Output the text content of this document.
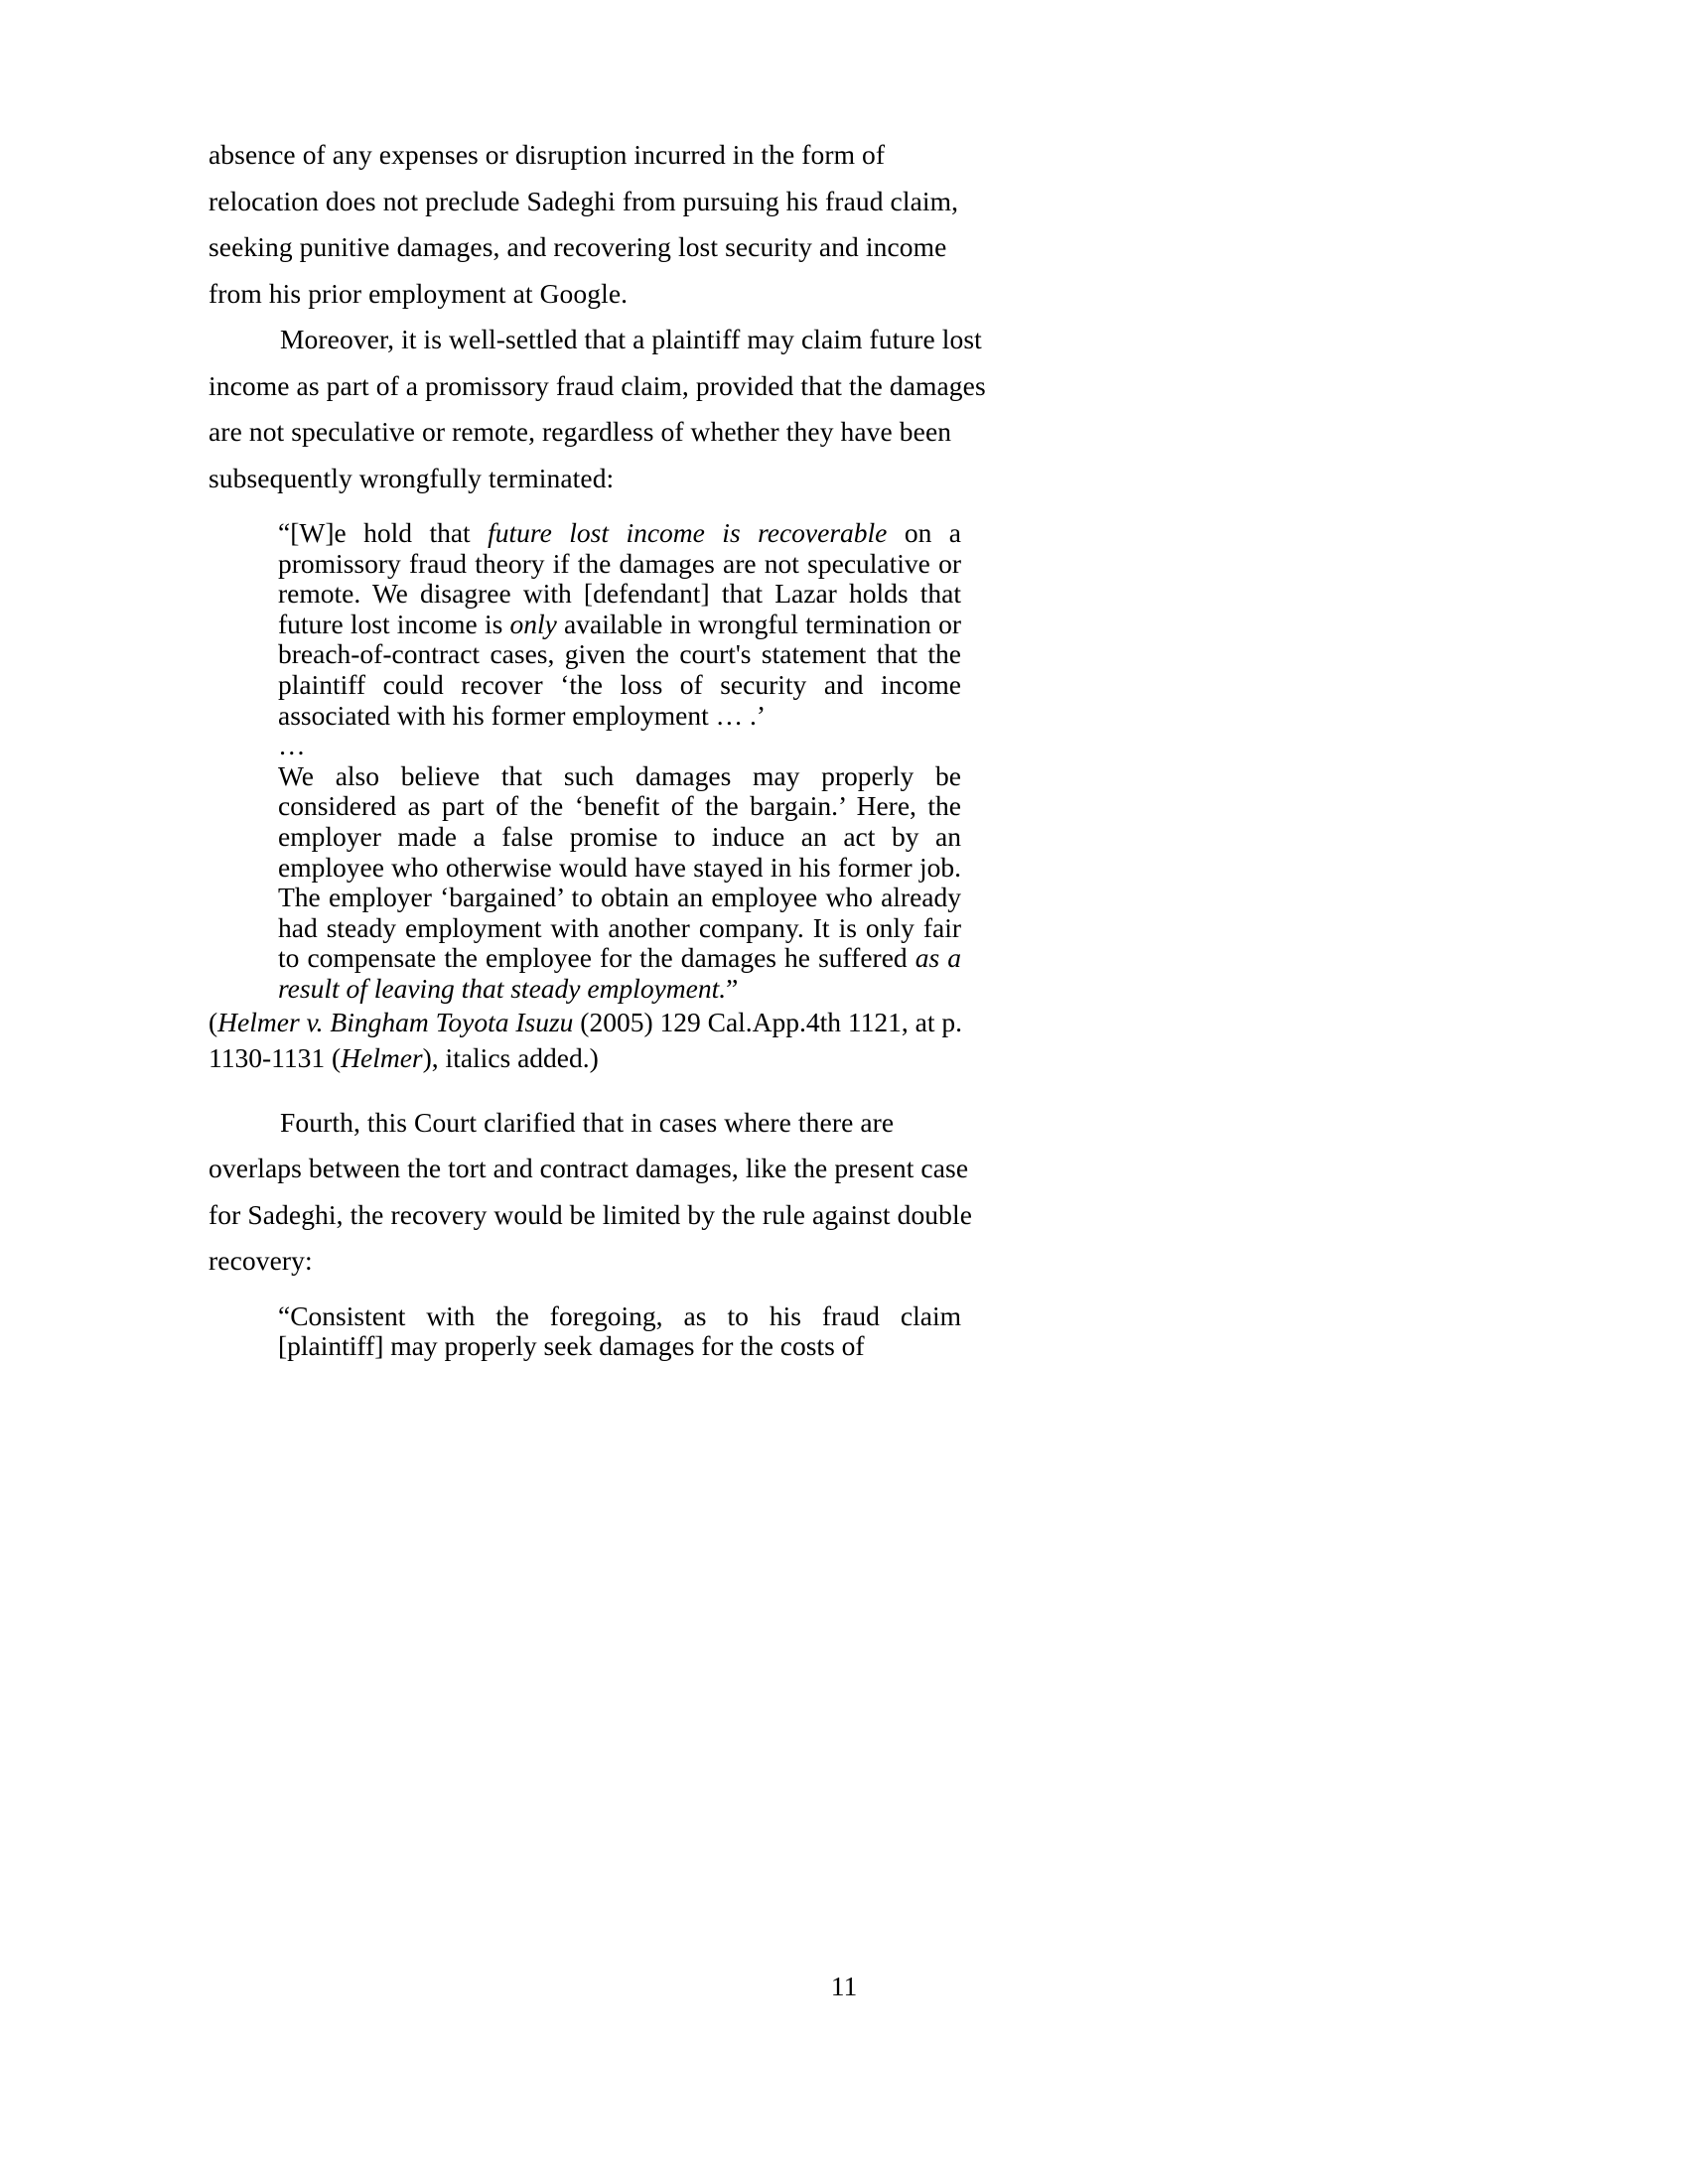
absence of any expenses or disruption incurred in the form of relocation does not preclude Sadeghi from pursuing his fraud claim, seeking punitive damages, and recovering lost security and income from his prior employment at Google.

Moreover, it is well-settled that a plaintiff may claim future lost income as part of a promissory fraud claim, provided that the damages are not speculative or remote, regardless of whether they have been subsequently wrongfully terminated:

“[W]e hold that future lost income is recoverable on a promissory fraud theory if the damages are not speculative or remote. We disagree with [defendant] that Lazar holds that future lost income is only available in wrongful termination or breach-of-contract cases, given the court's statement that the plaintiff could recover ‘the loss of security and income associated with his former employment … .’

…

We also believe that such damages may properly be considered as part of the ‘benefit of the bargain.’ Here, the employer made a false promise to induce an act by an employee who otherwise would have stayed in his former job. The employer ‘bargained’ to obtain an employee who already had steady employment with another company. It is only fair to compensate the employee for the damages he suffered as a result of leaving that steady employment.”

(Helmer v. Bingham Toyota Isuzu (2005) 129 Cal.App.4th 1121, at p. 1130-1131 (Helmer), italics added.)

Fourth, this Court clarified that in cases where there are overlaps between the tort and contract damages, like the present case for Sadeghi, the recovery would be limited by the rule against double recovery:

“Consistent with the foregoing, as to his fraud claim [plaintiff] may properly seek damages for the costs of

11
